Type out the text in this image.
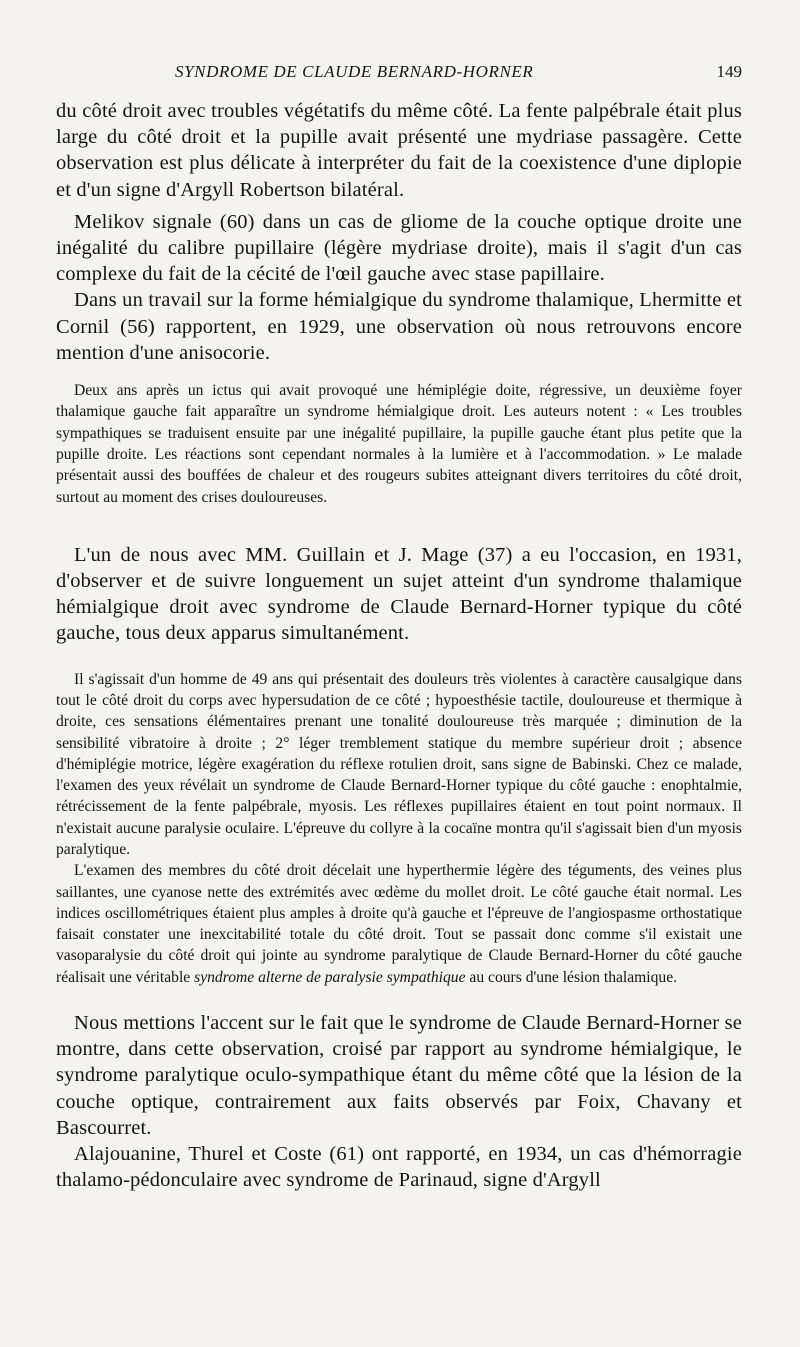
SYNDROME DE CLAUDE BERNARD-HORNER	149

du côté droit avec troubles végétatifs du même côté. La fente palpébrale était plus large du côté droit et la pupille avait présenté une mydriase passagère. Cette observation est plus délicate à interpréter du fait de la coexistence d'une diplopie et d'un signe d'Argyll Robertson bilatéral.

Melikov signale (60) dans un cas de gliome de la couche optique droite une inégalité du calibre pupillaire (légère mydriase droite), mais il s'agit d'un cas complexe du fait de la cécité de l'œil gauche avec stase papillaire.

Dans un travail sur la forme hémialgique du syndrome thalamique, Lhermitte et Cornil (56) rapportent, en 1929, une observation où nous retrouvons encore mention d'une anisocorie.

Deux ans après un ictus qui avait provoqué une hémiplégie doite, régressive, un deuxième foyer thalamique gauche fait apparaître un syndrome hémialgique droit. Les auteurs notent : « Les troubles sympathiques se traduisent ensuite par une inégalité pupillaire, la pupille gauche étant plus petite que la pupille droite. Les réactions sont cependant normales à la lumière et à l'accommodation. » Le malade présentait aussi des bouffées de chaleur et des rougeurs subites atteignant divers territoires du côté droit, surtout au moment des crises douloureuses.

L'un de nous avec MM. Guillain et J. Mage (37) a eu l'occasion, en 1931, d'observer et de suivre longuement un sujet atteint d'un syndrome thalamique hémialgique droit avec syndrome de Claude Bernard-Horner typique du côté gauche, tous deux apparus simultanément.

Il s'agissait d'un homme de 49 ans qui présentait des douleurs très violentes à caractère causalgique dans tout le côté droit du corps avec hypersudation de ce côté ; hypoesthésie tactile, douloureuse et thermique à droite, ces sensations élémentaires prenant une tonalité douloureuse très marquée ; diminution de la sensibilité vibratoire à droite ; 2° léger tremblement statique du membre supérieur droit ; absence d'hémiplégie motrice, légère exagération du réflexe rotulien droit, sans signe de Babinski. Chez ce malade, l'examen des yeux révélait un syndrome de Claude Bernard-Horner typique du côté gauche : enophtalmie, rétrécissement de la fente palpébrale, myosis. Les réflexes pupillaires étaient en tout point normaux. Il n'existait aucune paralysie oculaire. L'épreuve du collyre à la cocaïne montra qu'il s'agissait bien d'un myosis paralytique.

L'examen des membres du côté droit décelait une hyperthermie légère des téguments, des veines plus saillantes, une cyanose nette des extrémités avec œdème du mollet droit. Le côté gauche était normal. Les indices oscillométriques étaient plus amples à droite qu'à gauche et l'épreuve de l'angiospasme orthostatique faisait constater une inexcitabilité totale du côté droit. Tout se passait donc comme s'il existait une vasoparalysie du côté droit qui jointe au syndrome paralytique de Claude Bernard-Horner du côté gauche réalisait une véritable syndrome alterne de paralysie sympathique au cours d'une lésion thalamique.

Nous mettions l'accent sur le fait que le syndrome de Claude Bernard-Horner se montre, dans cette observation, croisé par rapport au syndrome hémialgique, le syndrome paralytique oculo-sympathique étant du même côté que la lésion de la couche optique, contrairement aux faits observés par Foix, Chavany et Bascourret.

Alajouanine, Thurel et Coste (61) ont rapporté, en 1934, un cas d'hémorragie thalamo-pédonculaire avec syndrome de Parinaud, signe d'Argyll
